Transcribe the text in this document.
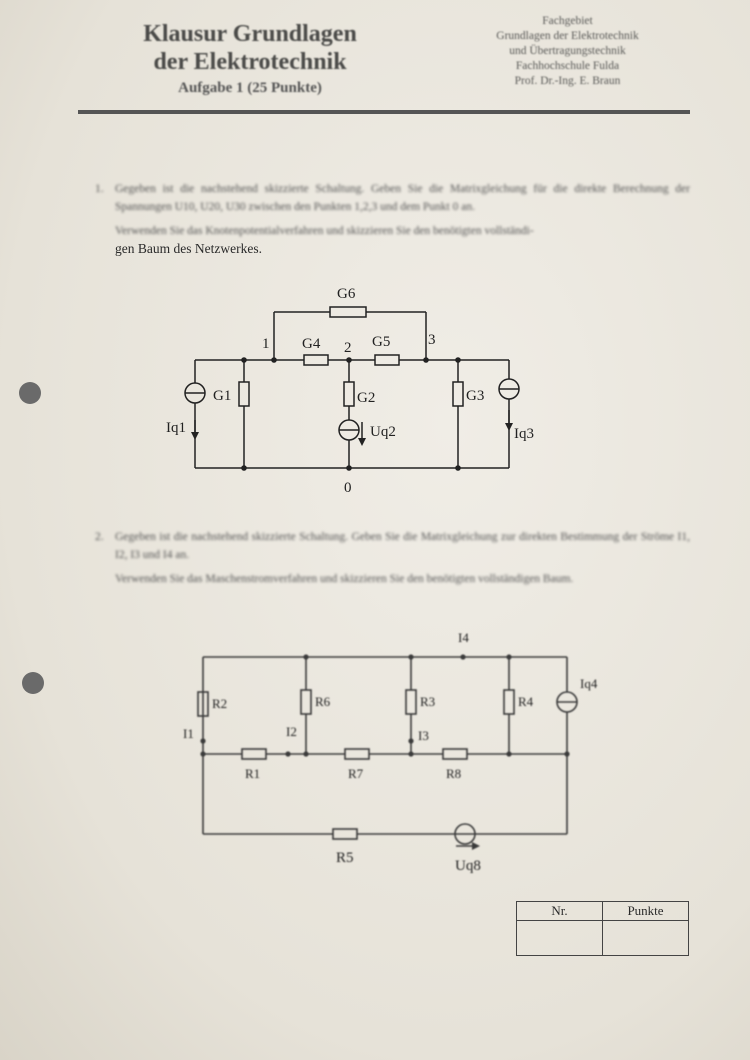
Klausur Grundlagen
der Elektrotechnik
Aufgabe 1 (25 Punkte)
Fachgebiet
Grundlagen der Elektrotechnik
und Übertragungstechnik
Fachhochschule Fulda
Prof. Dr.-Ing. E. Braun
1. Gegeben ist die nachstehend skizzierte Schaltung. Geben Sie die Matrixgleichung für die direkte Berechnung der Spannungen U10, U20, U30 zwischen den Punkten 1,2,3 und dem Punkt 0 an.
Verwenden Sie das Knotenpotentialverfahren und skizzieren Sie den benötigten vollständi-
gen Baum des Netzwerkes.
G6
1 G4 2 G5	3
G1	G2	G3
Iq1	Uq2	Iq3
0
2. Gegeben ist die nachstehend skizzierte Schaltung. Geben Sie die Matrixgleichung zur direkten Bestimmung der Ströme I1, I2, I3 und I4 an.
Verwenden Sie das Maschenstromverfahren und skizzieren Sie den benötigten vollständigen Baum.
I4
Iq4
R2	R6	R3	R4
I1	I2	I3
R1	R7	R8
R5	Uq8
Nr.	Punkte
